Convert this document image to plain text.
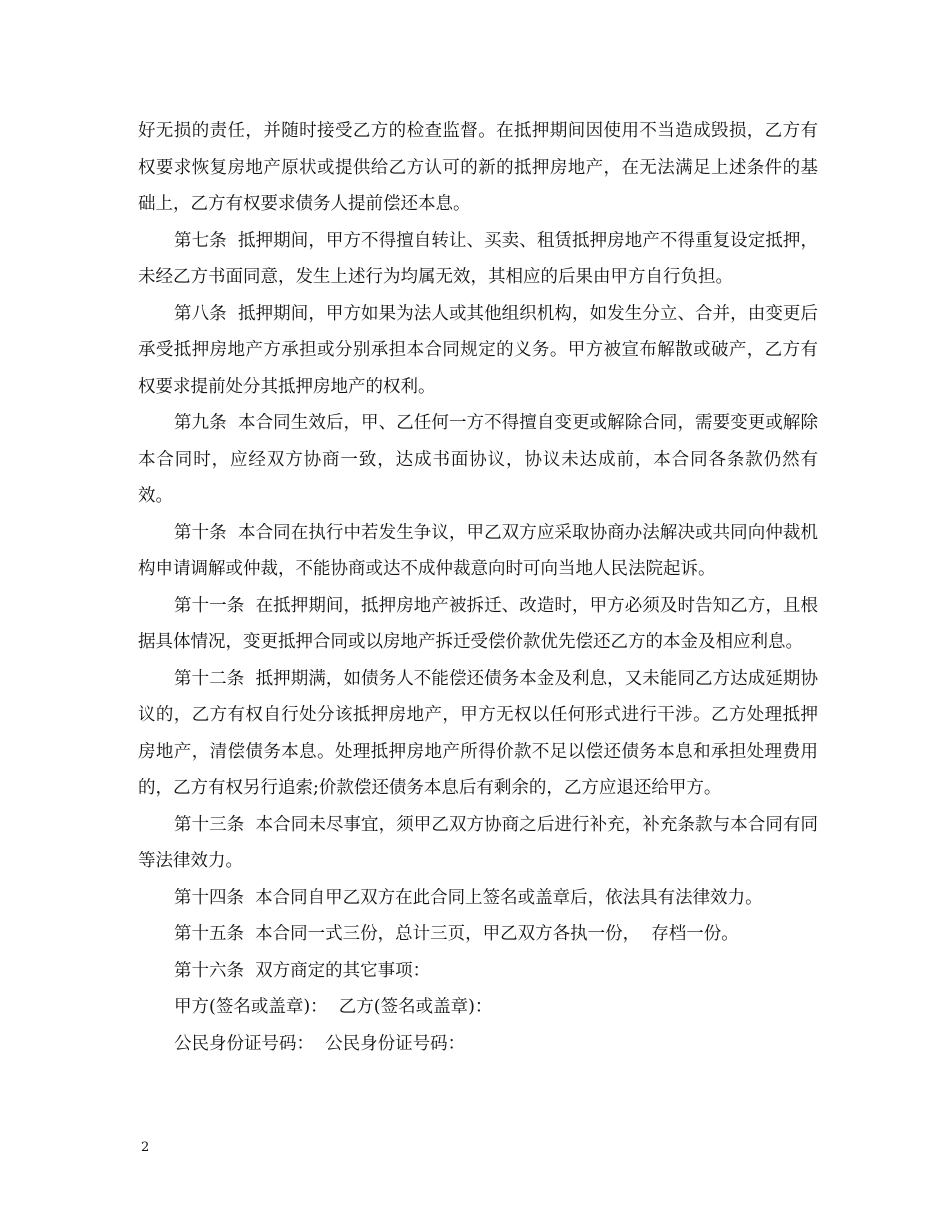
好无损的责任，并随时接受乙方的检查监督。在抵押期间因使用不当造成毁损，乙方有权要求恢复房地产原状或提供给乙方认可的新的抵押房地产，在无法满足上述条件的基础上，乙方有权要求债务人提前偿还本息。

第七条  抵押期间，甲方不得擅自转让、买卖、租赁抵押房地产不得重复设定抵押，未经乙方书面同意，发生上述行为均属无效，其相应的后果由甲方自行负担。

第八条  抵押期间，甲方如果为法人或其他组织机构，如发生分立、合并，由变更后承受抵押房地产方承担或分别承担本合同规定的义务。甲方被宣布解散或破产，乙方有权要求提前处分其抵押房地产的权利。

第九条  本合同生效后，甲、乙任何一方不得擅自变更或解除合同，需要变更或解除本合同时，应经双方协商一致，达成书面协议，协议未达成前，本合同各条款仍然有效。

第十条  本合同在执行中若发生争议，甲乙双方应采取协商办法解决或共同向仲裁机构申请调解或仲裁，不能协商或达不成仲裁意向时可向当地人民法院起诉。

第十一条  在抵押期间，抵押房地产被拆迁、改造时，甲方必须及时告知乙方，且根据具体情况，变更抵押合同或以房地产拆迁受偿价款优先偿还乙方的本金及相应利息。

第十二条  抵押期满，如债务人不能偿还债务本金及利息，又未能同乙方达成延期协议的，乙方有权自行处分该抵押房地产，甲方无权以任何形式进行干涉。乙方处理抵押房地产，清偿债务本息。处理抵押房地产所得价款不足以偿还债务本息和承担处理费用的，乙方有权另行追索;价款偿还债务本息后有剩余的，乙方应退还给甲方。

第十三条  本合同未尽事宜，须甲乙双方协商之后进行补充，补充条款与本合同有同等法律效力。

第十四条  本合同自甲乙双方在此合同上签名或盖章后，依法具有法律效力。

第十五条  本合同一式三份，总计三页，甲乙双方各执一份，  存档一份。

第十六条  双方商定的其它事项：

甲方(签名或盖章)：  乙方(签名或盖章)：

公民身份证号码：  公民身份证号码：

2
